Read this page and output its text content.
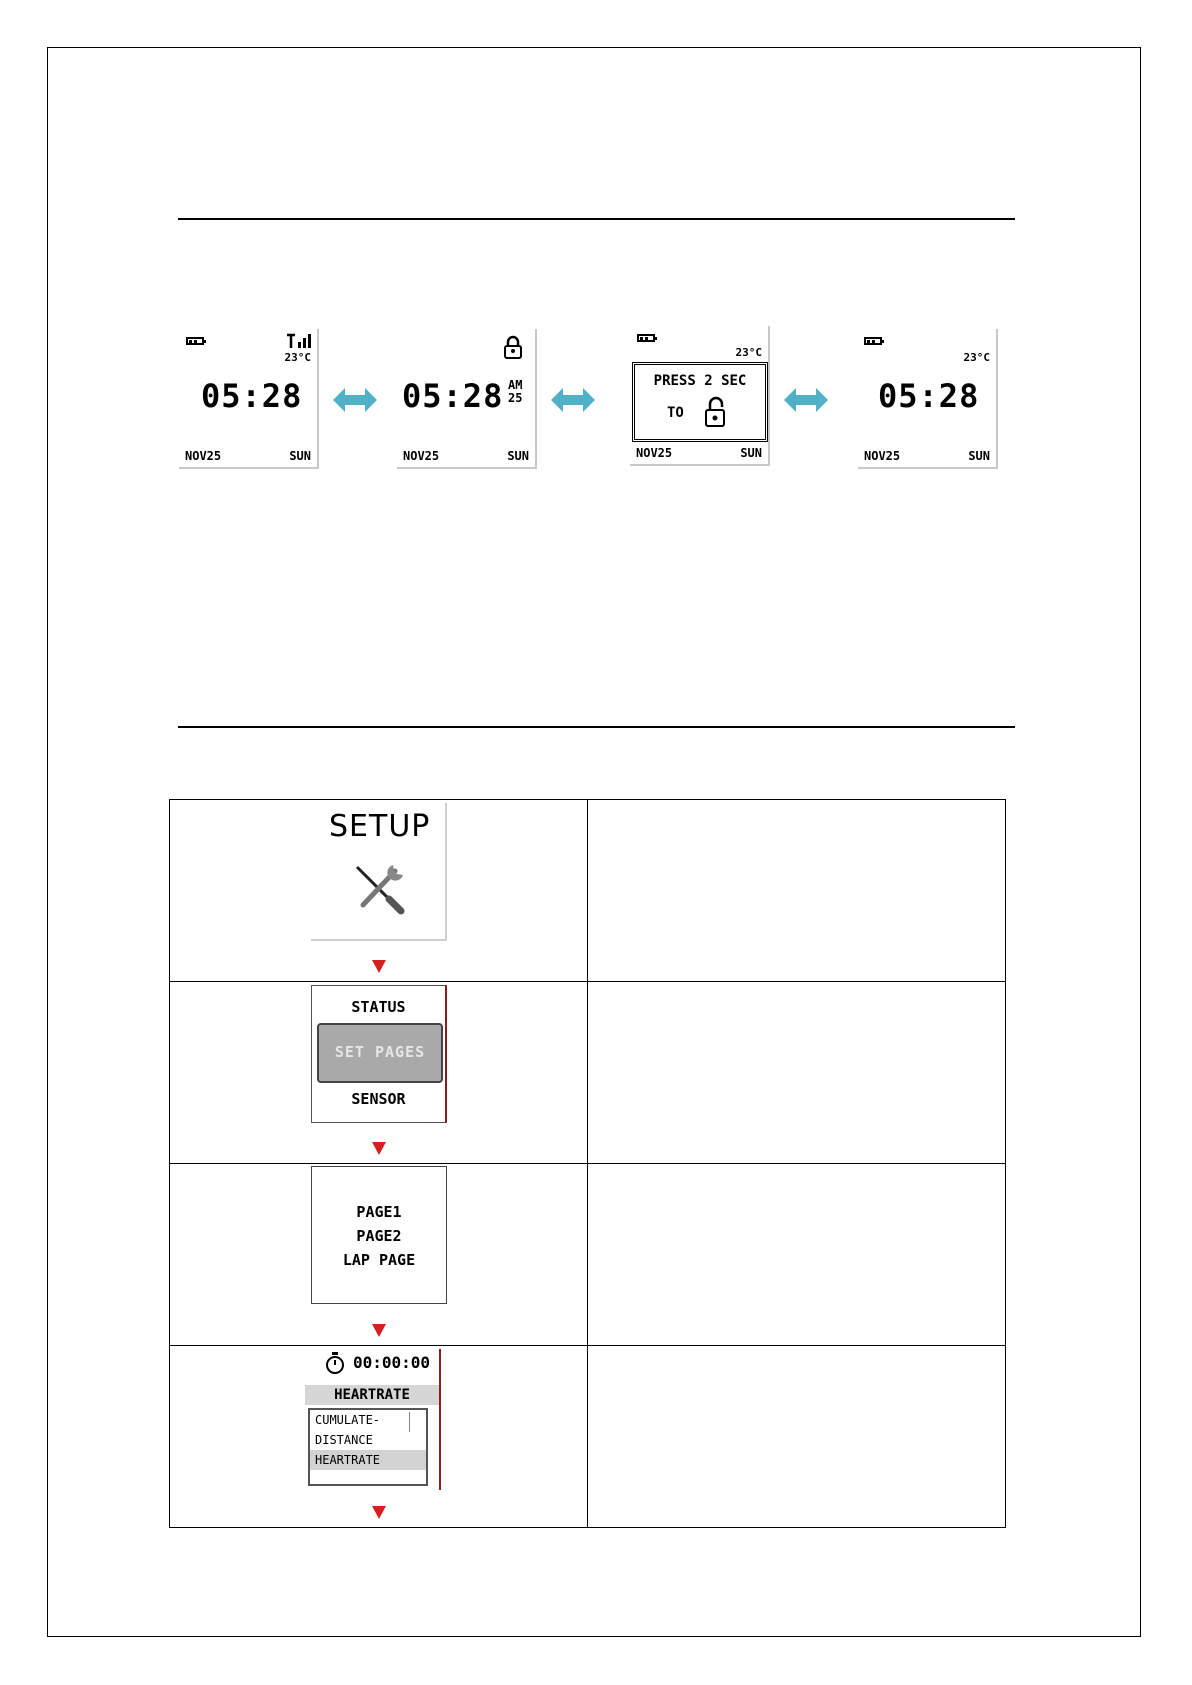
23°C
05:28
NOV25	SUN
05:28 AM
25
NOV25	SUN
23°C
PRESS 2 SEC
TO
NOV25	SUN
23°C
05:28
NOV25	SUN
SETUP	

STATUS
SET PAGES
SENSOR	

PAGE1
PAGE2
LAP PAGE	

00:00:00
HEARTRATE
CUMULATE-
DISTANCE
HEARTRATE	
